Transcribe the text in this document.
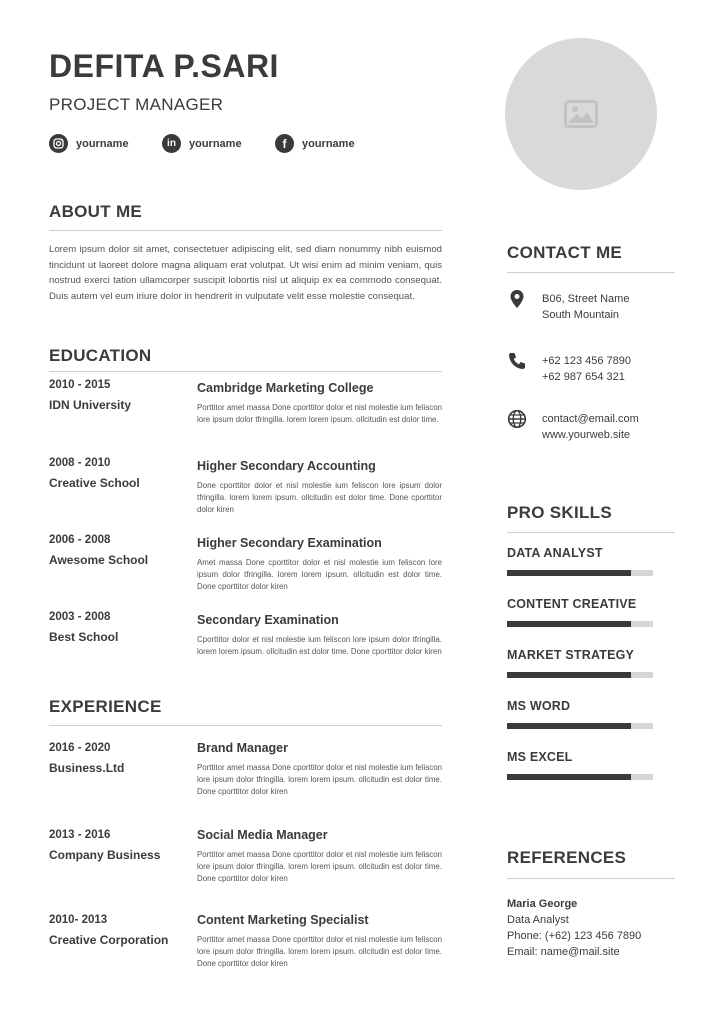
DEFITA P.SARI
PROJECT MANAGER
yourname	in	yourname	f	yourname
ABOUT ME
Lorem ipsum dolor sit amet, consectetuer adipiscing elit, sed diam nonummy nibh euismod tincidunt ut laoreet dolore magna aliquam erat volutpat. Ut wisi enim ad minim veniam, quis nostrud exerci tation ullamcorper suscipit lobortis nisl ut aliquip ex ea commodo consequat. Duis autem vel eum iriure dolor in hendrerit in vulputate velit esse molestie consequat.
EDUCATION
2010 - 2015
IDN University
Cambridge Marketing College
Porttitor amet massa Done cporttitor dolor et nisl molestie ium feliscon lore ipsum dolor tfringilla. lorem lorem ipsum. ollcitudin est dolor time.
2008 - 2010
Creative School
Higher Secondary Accounting
Done cporttitor dolor et nisl molestie ium feliscon lore ipsum dolor tfringilla. lorem lorem ipsum. ollcitudin est dolor time. Done cporttitor dolor kiren
2006 - 2008
Awesome School
Higher Secondary Examination
Amet massa Done cporttitor dolor et nisl molestie ium feliscon lore ipsum dolor tfringilla. lorem lorem ipsum. ollcitudin est dolor time. Done cporttitor dolor kiren
2003 - 2008
Best School
Secondary Examination
Cporttitor dolor et nisl molestie ium feliscon lore ipsum dolor tfringilla. lorem lorem ipsum. ollcitudin est dolor time. Done cporttitor dolor kiren
EXPERIENCE
2016 - 2020
Business.Ltd
Brand Manager
Porttitor amet massa Done cporttitor dolor et nisl molestie ium feliscon lore ipsum dolor tfringilla. lorem lorem ipsum. ollcitudin est dolor time. Done cporttitor dolor kiren
2013 - 2016
Company Business
Social Media Manager
Porttitor amet massa Done cporttitor dolor et nisl molestie ium feliscon lore ipsum dolor tfringilla. lorem lorem ipsum. ollcitudin est dolor time. Done cporttitor dolor kiren
2010- 2013
Creative Corporation
Content Marketing Specialist
Porttitor amet massa Done cporttitor dolor et nisl molestie ium feliscon lore ipsum dolor tfringilla. lorem lorem ipsum. ollcitudin est dolor time. Done cporttitor dolor kiren
CONTACT ME
B06, Street Name
South Mountain
+62 123 456 7890
+62 987 654 321
contact@email.com
www.yourweb.site
PRO SKILLS
DATA ANALYST
CONTENT CREATIVE
MARKET STRATEGY
MS WORD
MS EXCEL
REFERENCES
Maria George
Data Analyst
Phone: (+62) 123 456 7890
Email: name@mail.site
